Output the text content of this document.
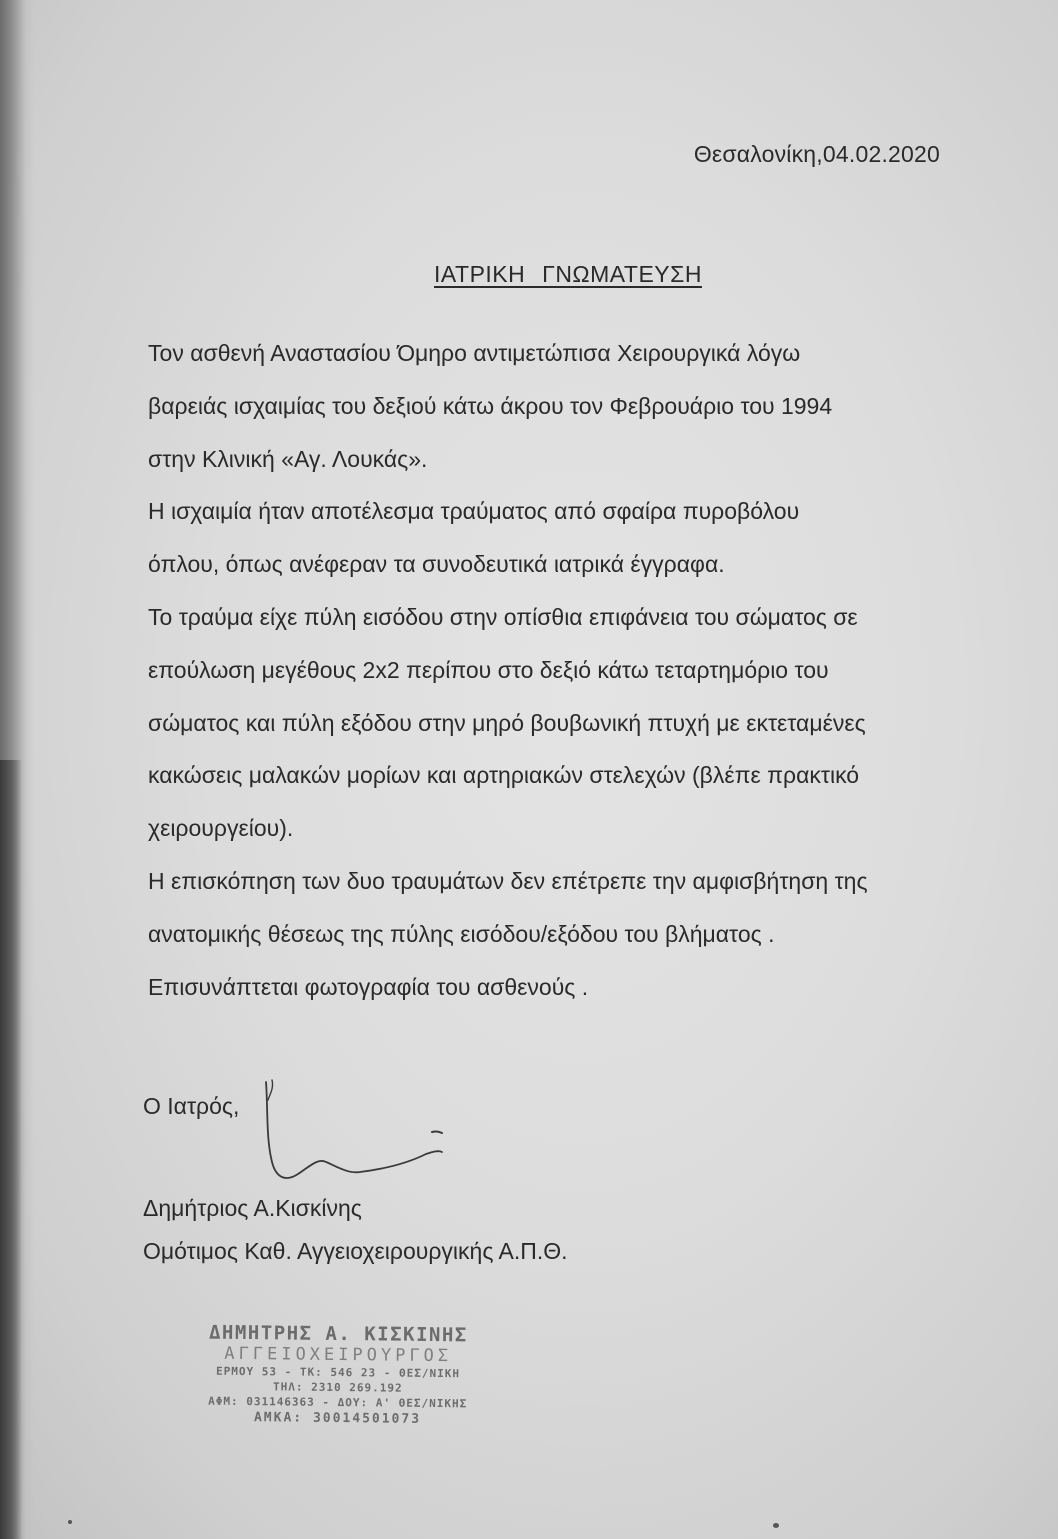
Θεσαλονίκη,04.02.2020
ΙΑΤΡΙΚΗ ΓΝΩΜΑΤΕΥΣΗ
Τον ασθενή Αναστασίου Όμηρο αντιμετώπισα Χειρουργικά λόγω
βαρειάς ισχαιμίας του δεξιού κάτω άκρου τον Φεβρουάριο του 1994
στην Κλινική «Αγ. Λουκάς».
Η ισχαιμία ήταν αποτέλεσμα τραύματος από σφαίρα πυροβόλου
όπλου, όπως ανέφεραν τα συνοδευτικά ιατρικά έγγραφα.
Το τραύμα είχε πύλη εισόδου στην οπίσθια επιφάνεια του σώματος σε
επούλωση μεγέθους 2x2 περίπου στο δεξιό κάτω τεταρτημόριο του
σώματος και πύλη εξόδου στην μηρό βουβωνική πτυχή με εκτεταμένες
κακώσεις μαλακών μορίων και αρτηριακών στελεχών (βλέπε πρακτικό
χειρουργείου).
Η επισκόπηση των δυο τραυμάτων δεν επέτρεπε την αμφισβήτηση της
ανατομικής θέσεως της πύλης εισόδου/εξόδου του βλήματος .
Επισυνάπτεται φωτογραφία του ασθενούς .
Ο Ιατρός,
Δημήτριος Α.Κισκίνης
Ομότιμος Καθ. Αγγειοχειρουργικής Α.Π.Θ.
ΔΗΜΗΤΡΗΣ Α. ΚΙΣΚΙΝΗΣ
ΑΓΓΕΙΟΧΕΙΡΟΥΡΓΟΣ
ΕΡΜΟΥ 53 - ΤΚ: 546 23 - ΘΕΣ/ΝΙΚΗ
ΤΗΛ: 2310 269.192
ΑΦΜ: 031146363 - ΔΟΥ: Α' ΘΕΣ/ΝΙΚΗΣ
ΑΜΚΑ: 30014501073
